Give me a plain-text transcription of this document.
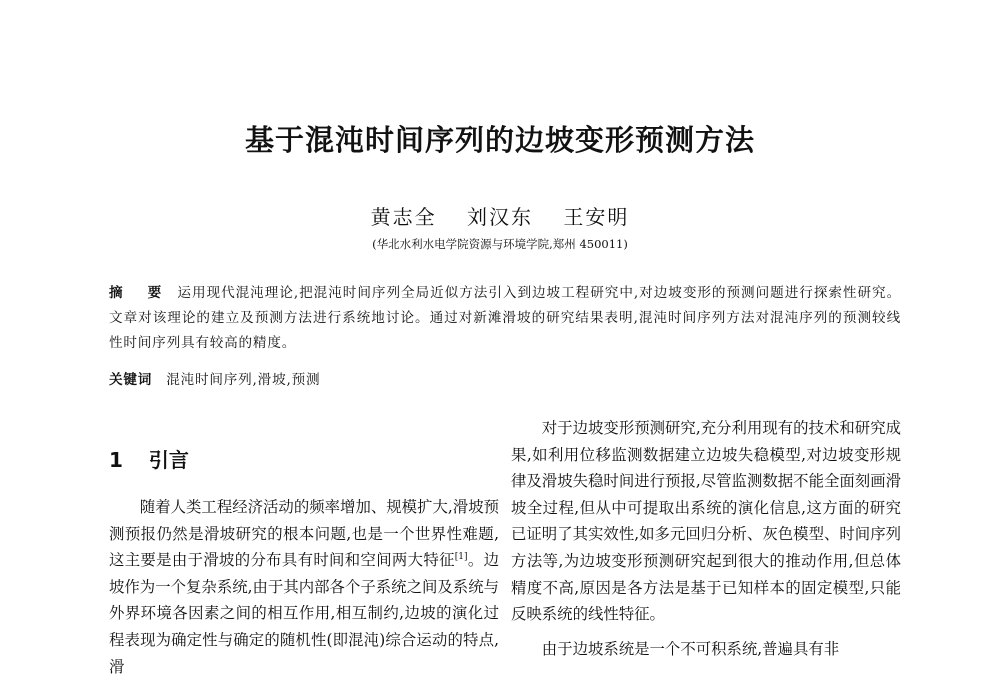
基于混沌时间序列的边坡变形预测方法
黄志全 刘汉东 王安明
(华北水利水电学院资源与环境学院,郑州 450011)
摘 要 运用现代混沌理论,把混沌时间序列全局近似方法引入到边坡工程研究中,对边坡变形的预测问题进行探索性研究。文章对该理论的建立及预测方法进行系统地讨论。通过对新滩滑坡的研究结果表明,混沌时间序列方法对混沌序列的预测较线性时间序列具有较高的精度。
关键词 混沌时间序列,滑坡,预测
1 引言

随着人类工程经济活动的频率增加、规模扩大,滑坡预测预报仍然是滑坡研究的根本问题,也是一个世界性难题,这主要是由于滑坡的分布具有时间和空间两大特征[1]。边坡作为一个复杂系统,由于其内部各个子系统之间及系统与外界环境各因素之间的相互作用,相互制约,边坡的演化过程表现为确定性与确定的随机性(即混沌)综合运动的特点,滑

对于边坡变形预测研究,充分利用现有的技术和研究成果,如利用位移监测数据建立边坡失稳模型,对边坡变形规律及滑坡失稳时间进行预报,尽管监测数据不能全面刻画滑坡全过程,但从中可提取出系统的演化信息,这方面的研究已证明了其实效性,如多元回归分析、灰色模型、时间序列方法等,为边坡变形预测研究起到很大的推动作用,但总体精度不高,原因是各方法是基于已知样本的固定模型,只能反映系统的线性特征。

由于边坡系统是一个不可积系统,普遍具有非
